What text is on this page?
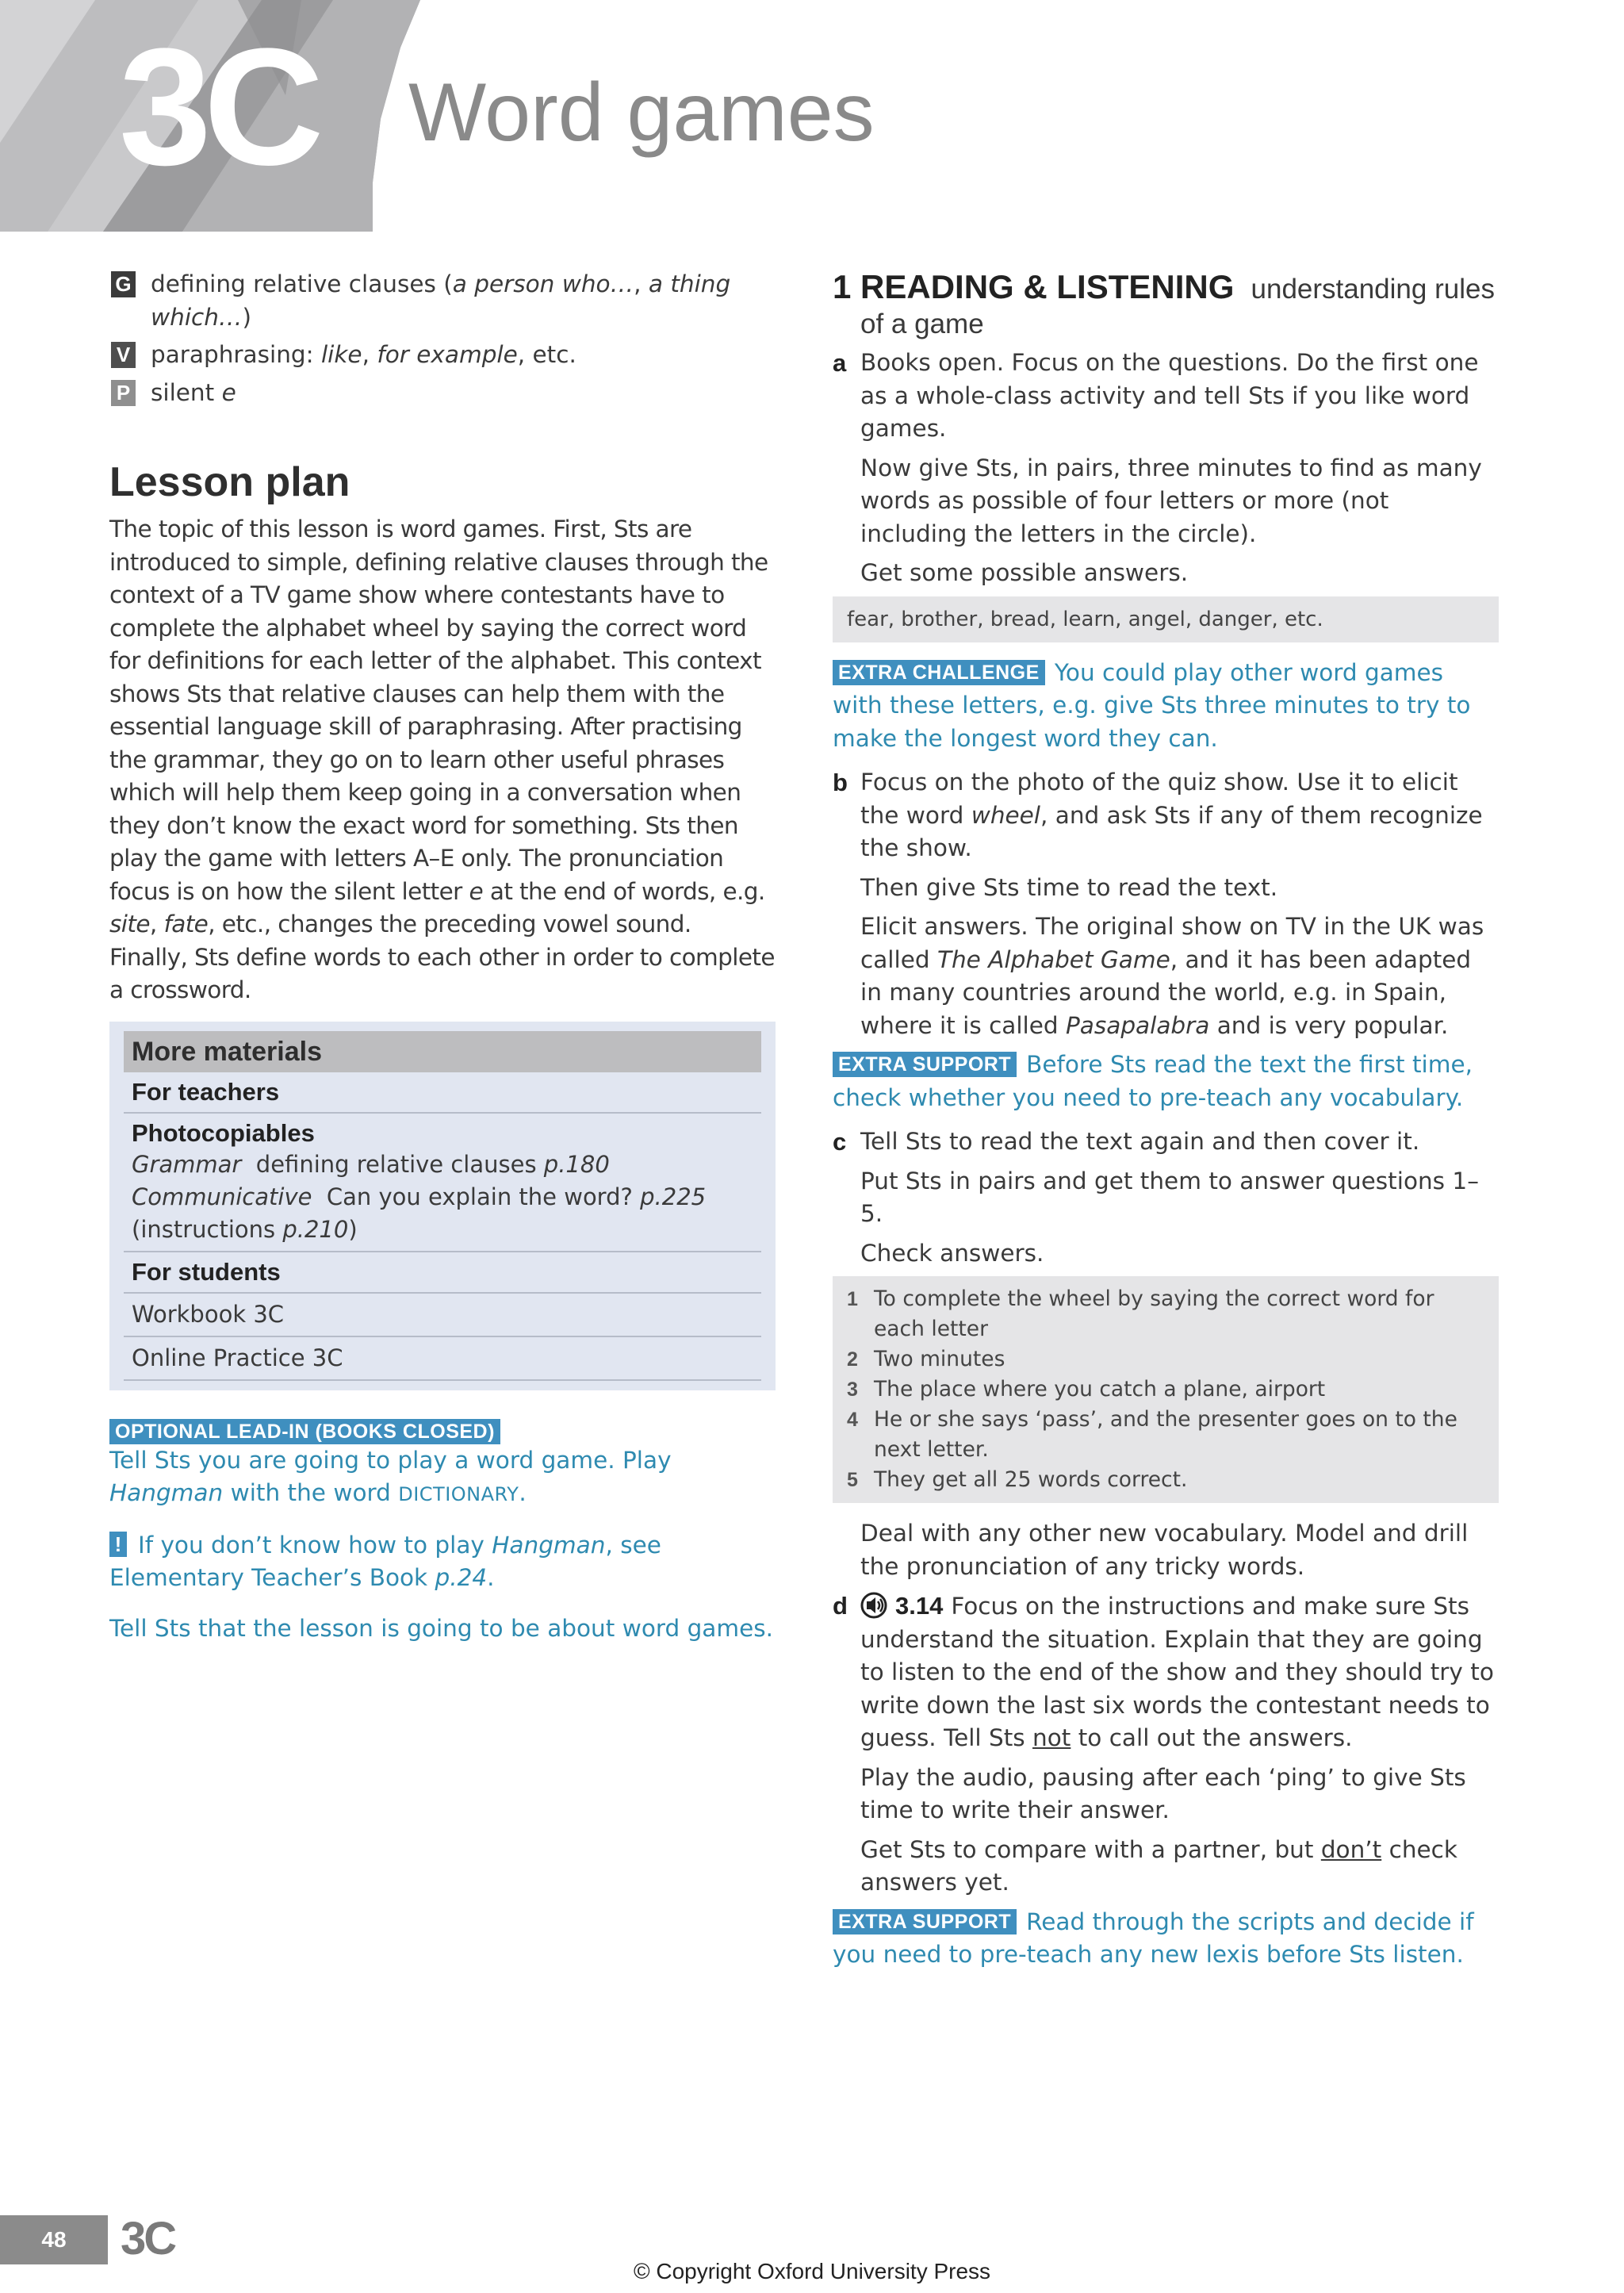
3C Word games
G defining relative clauses (a person who…, a thing which…)
V paraphrasing: like, for example, etc.
P silent e
Lesson plan

The topic of this lesson is word games. First, Sts are introduced to simple, defining relative clauses through the context of a TV game show where contestants have to complete the alphabet wheel by saying the correct word for definitions for each letter of the alphabet. This context shows Sts that relative clauses can help them with the essential language skill of paraphrasing. After practising the grammar, they go on to learn other useful phrases which will help them keep going in a conversation when they don’t know the exact word for something. Sts then play the game with letters A–E only. The pronunciation focus is on how the silent letter e at the end of words, e.g. site, fate, etc., changes the preceding vowel sound. Finally, Sts define words to each other in order to complete a crossword.

More materials
For teachers
Photocopiables
Grammar defining relative clauses p.180
Communicative Can you explain the word? p.225
(instructions p.210)
For students
Workbook 3C
Online Practice 3C
OPTIONAL LEAD-IN (BOOKS CLOSED)

Tell Sts you are going to play a word game. Play Hangman with the word DICTIONARY.

! If you don’t know how to play Hangman, see Elementary Teacher’s Book p.24.

Tell Sts that the lesson is going to be about word games.

1 READING & LISTENING understanding rules
of a game
a Books open. Focus on the questions. Do the first one as a whole-class activity and tell Sts if you like word games.

Now give Sts, in pairs, three minutes to find as many words as possible of four letters or more (not including the letters in the circle).

Get some possible answers.

fear, brother, bread, learn, angel, danger, etc.

EXTRA CHALLENGE You could play other word games with these letters, e.g. give Sts three minutes to try to make the longest word they can.

b Focus on the photo of the quiz show. Use it to elicit the word wheel, and ask Sts if any of them recognize the show.

Then give Sts time to read the text.

Elicit answers. The original show on TV in the UK was called The Alphabet Game, and it has been adapted in many countries around the world, e.g. in Spain, where it is called Pasapalabra and is very popular.

EXTRA SUPPORT Before Sts read the text the first time, check whether you need to pre-teach any vocabulary.

c Tell Sts to read the text again and then cover it.

Put Sts in pairs and get them to answer questions 1–5.

Check answers.

1 To complete the wheel by saying the correct word for each letter
2 Two minutes
3 The place where you catch a plane, airport
4 He or she says ‘pass’, and the presenter goes on to the next letter.
5 They get all 25 words correct.

Deal with any other new vocabulary. Model and drill the pronunciation of any tricky words.

d	3.14 Focus on the instructions and make sure Sts understand the situation. Explain that they are going to listen to the end of the show and they should try to write down the last six words the contestant needs to guess. Tell Sts not to call out the answers.

Play the audio, pausing after each ‘ping’ to give Sts time to write their answer.

Get Sts to compare with a partner, but don’t check answers yet.

EXTRA SUPPORT Read through the scripts and decide if you need to pre-teach any new lexis before Sts listen.

48	3C
© Copyright Oxford University Press
